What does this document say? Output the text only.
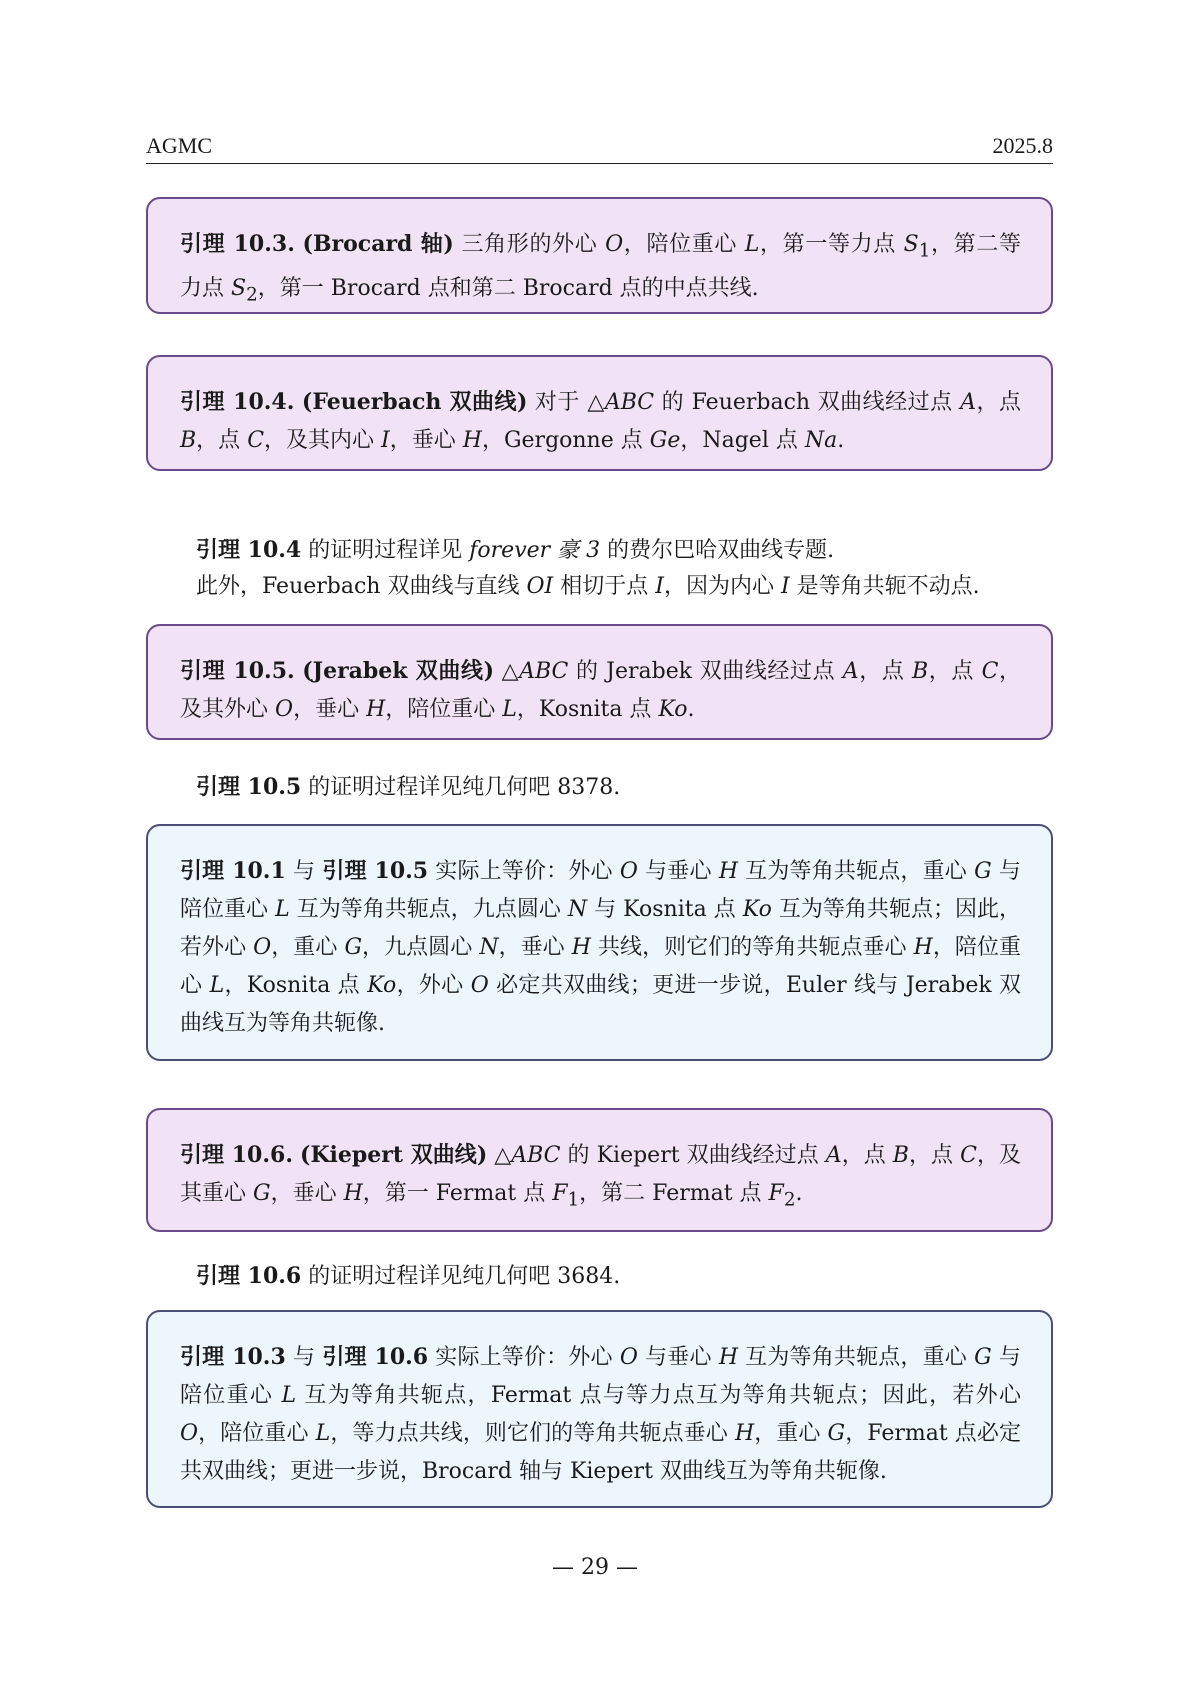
AGMC	2025.8
引理 10.3. (Brocard 轴) 三角形的外心 O，陪位重心 L，第一等力点 $S_1$，第二等力点 $S_2$，第一 Brocard 点和第二 Brocard 点的中点共线.
引理 10.4. (Feuerbach 双曲线) 对于 △ABC 的 Feuerbach 双曲线经过点 A，点 B，点 C，及其内心 I，垂心 H，Gergonne 点 Ge，Nagel 点 Na.
引理 10.4 的证明过程详见 forever 豪 3 的费尔巴哈双曲线专题.
此外，Feuerbach 双曲线与直线 OI 相切于点 I，因为内心 I 是等角共轭不动点.
引理 10.5. (Jerabek 双曲线) △ABC 的 Jerabek 双曲线经过点 A，点 B，点 C，及其外心 O，垂心 H，陪位重心 L，Kosnita 点 Ko.
引理 10.5 的证明过程详见纯几何吧 8378.
引理 10.1 与 引理 10.5 实际上等价：外心 O 与垂心 H 互为等角共轭点，重心 G 与陪位重心 L 互为等角共轭点，九点圆心 N 与 Kosnita 点 Ko 互为等角共轭点；因此，若外心 O，重心 G，九点圆心 N，垂心 H 共线，则它们的等角共轭点垂心 H，陪位重心 L，Kosnita 点 Ko，外心 O 必定共双曲线；更进一步说，Euler 线与 Jerabek 双曲线互为等角共轭像.
引理 10.6. (Kiepert 双曲线) △ABC 的 Kiepert 双曲线经过点 A，点 B，点 C，及其重心 G，垂心 H，第一 Fermat 点 $F_1$，第二 Fermat 点 $F_2$.
引理 10.6 的证明过程详见纯几何吧 3684.
引理 10.3 与 引理 10.6 实际上等价：外心 O 与垂心 H 互为等角共轭点，重心 G 与陪位重心 L 互为等角共轭点，Fermat 点与等力点互为等角共轭点；因此，若外心 O，陪位重心 L，等力点共线，则它们的等角共轭点垂心 H，重心 G，Fermat 点必定共双曲线；更进一步说，Brocard 轴与 Kiepert 双曲线互为等角共轭像.
— 29 —
